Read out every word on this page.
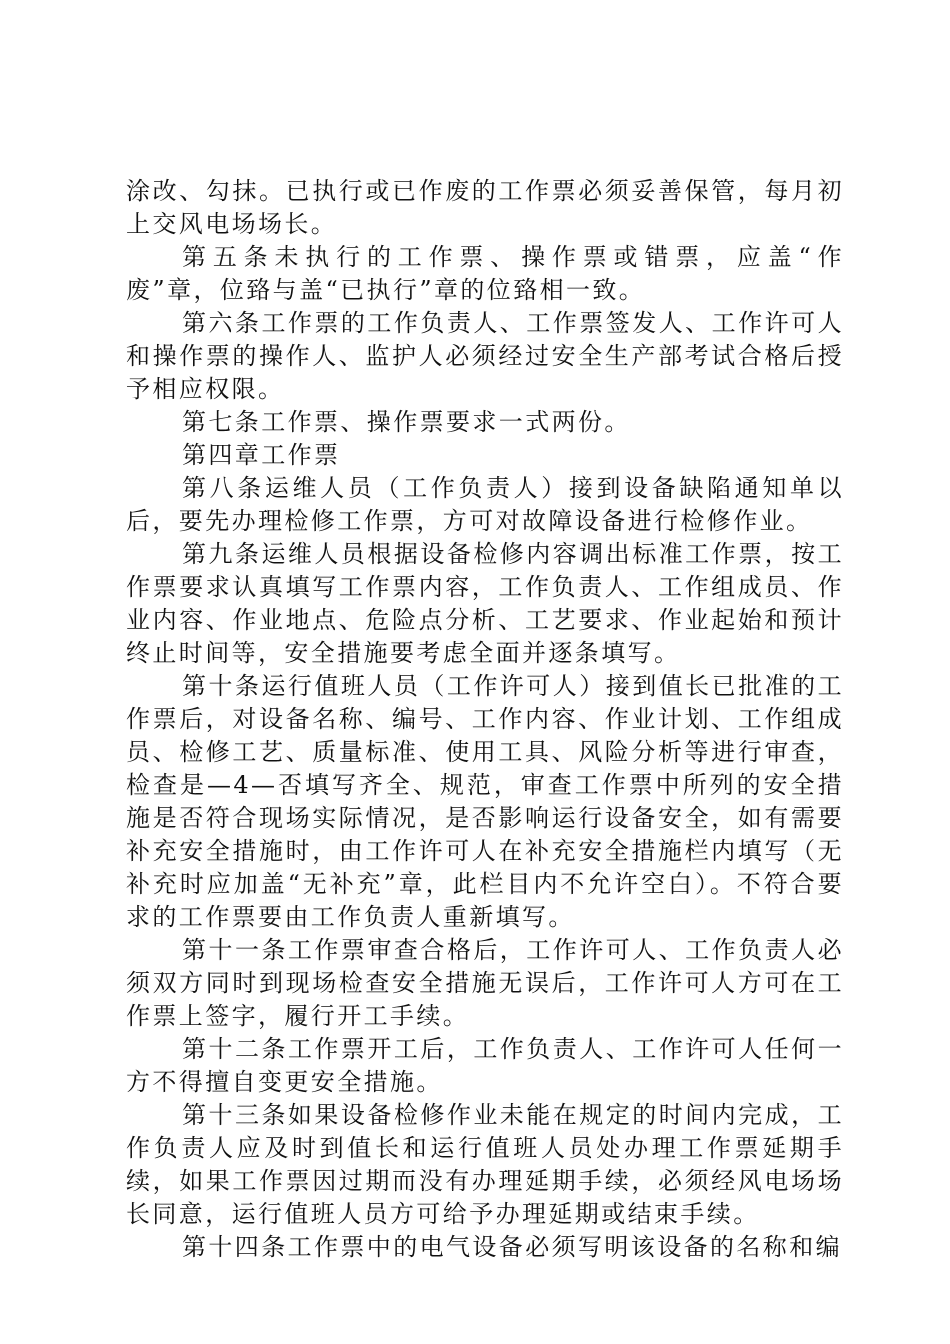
涂改、勾抹。已执行或已作废的工作票必须妥善保管，每月初上交风电场场长。

第五条未执行的工作票、操作票或错票，应盖“作废”章，位臵与盖“已执行”章的位臵相一致。

第六条工作票的工作负责人、工作票签发人、工作许可人和操作票的操作人、监护人必须经过安全生产部考试合格后授予相应权限。

第七条工作票、操作票要求一式两份。

第四章工作票

第八条运维人员（工作负责人）接到设备缺陷通知单以后，要先办理检修工作票，方可对故障设备进行检修作业。

第九条运维人员根据设备检修内容调出标准工作票，按工作票要求认真填写工作票内容，工作负责人、工作组成员、作业内容、作业地点、危险点分析、工艺要求、作业起始和预计终止时间等，安全措施要考虑全面并逐条填写。

第十条运行值班人员（工作许可人）接到值长已批准的工作票后，对设备名称、编号、工作内容、作业计划、工作组成员、检修工艺、质量标准、使用工具、风险分析等进行审查，检查是—4—否填写齐全、规范，审查工作票中所列的安全措施是否符合现场实际情况，是否影响运行设备安全，如有需要补充安全措施时，由工作许可人在补充安全措施栏内填写（无补充时应加盖“无补充”章，此栏目内不允许空白）。不符合要求的工作票要由工作负责人重新填写。

第十一条工作票审查合格后，工作许可人、工作负责人必须双方同时到现场检查安全措施无误后，工作许可人方可在工作票上签字，履行开工手续。

第十二条工作票开工后，工作负责人、工作许可人任何一方不得擅自变更安全措施。

第十三条如果设备检修作业未能在规定的时间内完成，工作负责人应及时到值长和运行值班人员处办理工作票延期手续，如果工作票因过期而没有办理延期手续，必须经风电场场长同意，运行值班人员方可给予办理延期或结束手续。

第十四条工作票中的电气设备必须写明该设备的名称和编
